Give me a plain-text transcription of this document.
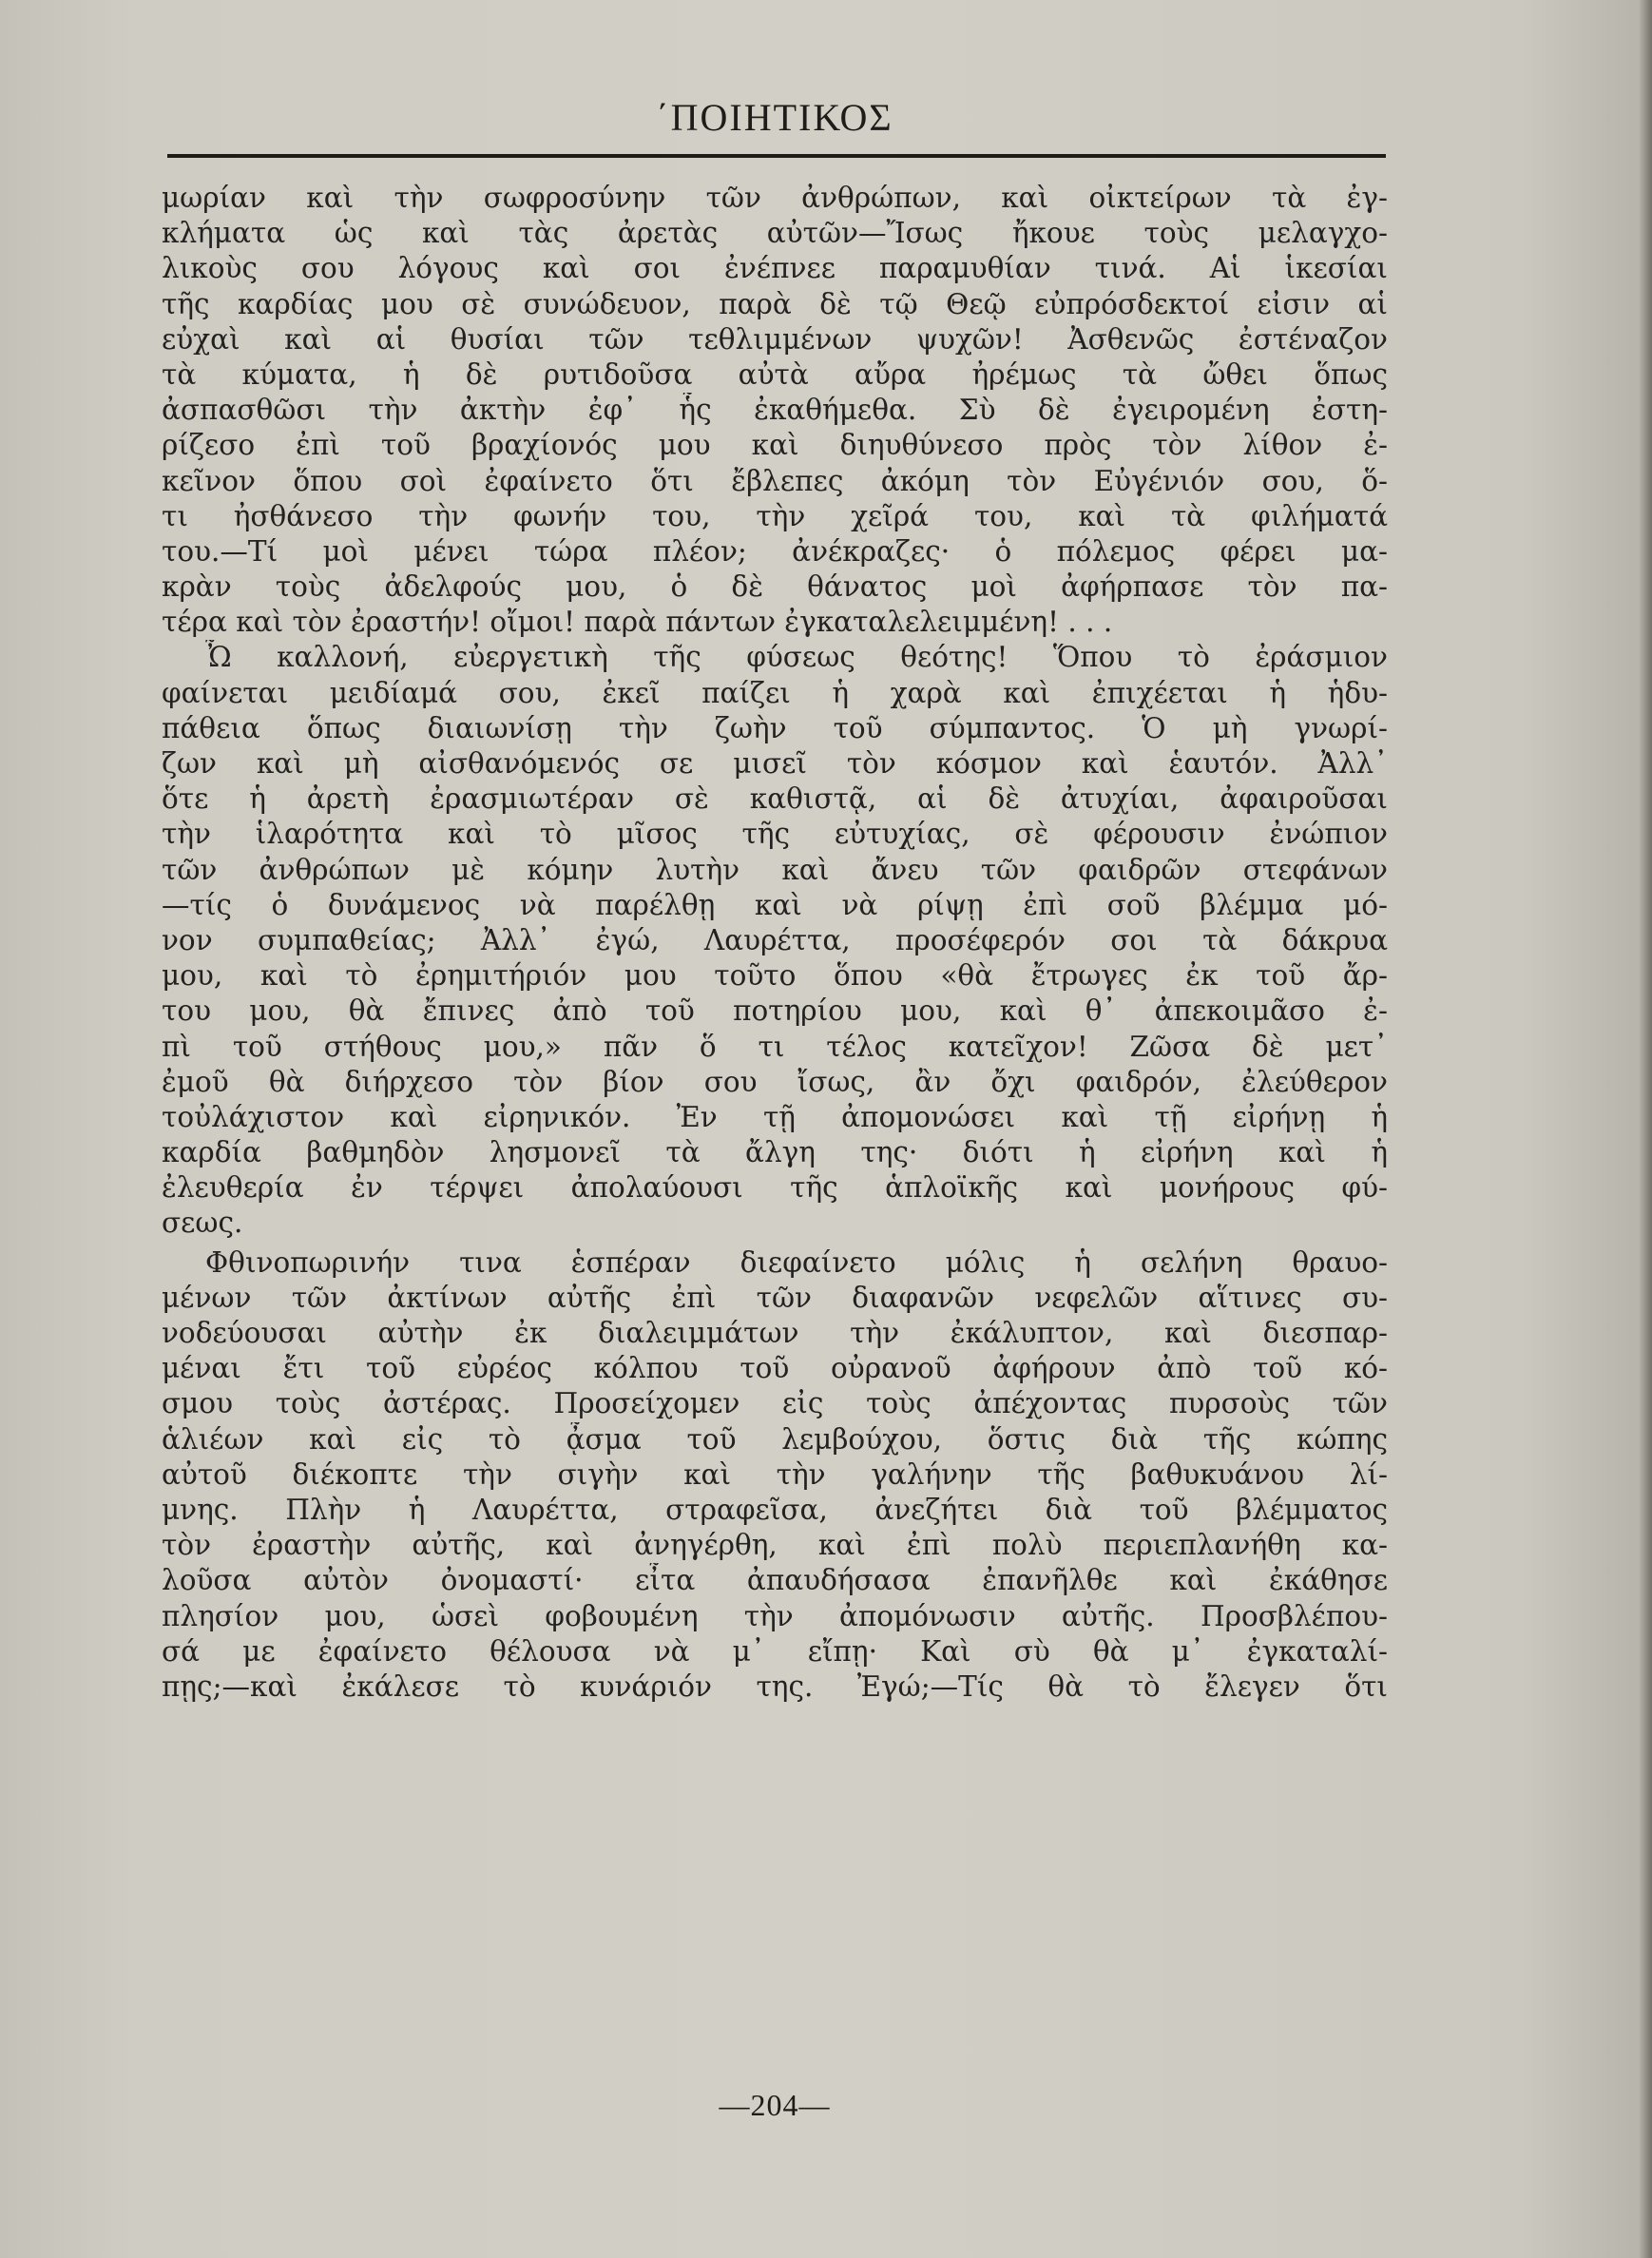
΄ΠΟΙΗΤΙΚΟΣ
μωρίαν καὶ τὴν σωφροσύνην τῶν ἀνθρώπων, καὶ οἰκτείρων τὰ ἐγ-
κλήματα ὡς καὶ τὰς ἀρετὰς αὐτῶν—Ἴσως ἤκουε τοὺς μελαγχο-
λικοὺς σου λόγους καὶ σοι ἐνέπνεε παραμυθίαν τινά. Αἱ ἱκεσίαι
τῆς καρδίας μου σὲ συνώδευον, παρὰ δὲ τῷ Θεῷ εὐπρόσδεκτοί εἰσιν αἱ
εὐχαὶ καὶ αἱ θυσίαι τῶν τεθλιμμένων ψυχῶν! Ἀσθενῶς ἐστέναζον
τὰ κύματα, ἡ δὲ ρυτιδοῦσα αὐτὰ αὔρα ἠρέμως τὰ ὤθει ὅπως
ἀσπασθῶσι τὴν ἀκτὴν ἐφ᾽ ἧς ἐκαθήμεθα. Σὺ δὲ ἐγειρομένη ἐστη-
ρίζεσο ἐπὶ τοῦ βραχίονός μου καὶ διηυθύνεσο πρὸς τὸν λίθον ἐ-
κεῖνον ὅπου σοὶ ἐφαίνετο ὅτι ἔβλεπες ἀκόμη τὸν Εὐγένιόν σου, ὅ-
τι ἠσθάνεσο τὴν φωνήν του, τὴν χεῖρά του, καὶ τὰ φιλήματά
του.—Τί μοὶ μένει τώρα πλέον; ἀνέκραζες· ὁ πόλεμος φέρει μα-
κρὰν τοὺς ἀδελφούς μου, ὁ δὲ θάνατος μοὶ ἀφήρπασε τὸν πα-
τέρα καὶ τὸν ἐραστήν! οἴμοι! παρὰ πάντων ἐγκαταλελειμμένη! . . .
Ὦ καλλονή, εὐεργετικὴ τῆς φύσεως θεότης! Ὅπου τὸ ἐράσμιον
φαίνεται μειδίαμά σου, ἐκεῖ παίζει ἡ χαρὰ καὶ ἐπιχέεται ἡ ἡδυ-
πάθεια ὅπως διαιωνίσῃ τὴν ζωὴν τοῦ σύμπαντος. Ὁ μὴ γνωρί-
ζων καὶ μὴ αἰσθανόμενός σε μισεῖ τὸν κόσμον καὶ ἑαυτόν. Ἀλλ᾽
ὅτε ἡ ἀρετὴ ἐρασμιωτέραν σὲ καθιστᾷ, αἱ δὲ ἀτυχίαι, ἀφαιροῦσαι
τὴν ἱλαρότητα καὶ τὸ μῖσος τῆς εὐτυχίας, σὲ φέρουσιν ἐνώπιον
τῶν ἀνθρώπων μὲ κόμην λυτὴν καὶ ἄνευ τῶν φαιδρῶν στεφάνων
—τίς ὁ δυνάμενος νὰ παρέλθῃ καὶ νὰ ρίψῃ ἐπὶ σοῦ βλέμμα μό-
νον συμπαθείας; Ἀλλ᾽ ἐγώ, Λαυρέττα, προσέφερόν σοι τὰ δάκρυα
μου, καὶ τὸ ἐρημιτήριόν μου τοῦτο ὅπου «θὰ ἔτρωγες ἐκ τοῦ ἄρ-
του μου, θὰ ἔπινες ἀπὸ τοῦ ποτηρίου μου, καὶ θ᾽ ἀπεκοιμᾶσο ἐ-
πὶ τοῦ στήθους μου,» πᾶν ὅ τι τέλος κατεῖχον! Ζῶσα δὲ μετ᾽
ἐμοῦ θὰ διήρχεσο τὸν βίον σου ἴσως, ἂν ὄχι φαιδρόν, ἐλεύθερον
τοὐλάχιστον καὶ εἰρηνικόν. Ἐν τῇ ἀπομονώσει καὶ τῇ εἰρήνῃ ἡ
καρδία βαθμηδὸν λησμονεῖ τὰ ἄλγη της· διότι ἡ εἰρήνη καὶ ἡ
ἐλευθερία ἐν τέρψει ἀπολαύουσι τῆς ἁπλοϊκῆς καὶ μονήρους φύ-
σεως.
Φθινοπωρινήν τινα ἑσπέραν διεφαίνετο μόλις ἡ σελήνη θραυο-
μένων τῶν ἀκτίνων αὐτῆς ἐπὶ τῶν διαφανῶν νεφελῶν αἵτινες συ-
νοδεύουσαι αὐτὴν ἐκ διαλειμμάτων τὴν ἐκάλυπτον, καὶ διεσπαρ-
μέναι ἔτι τοῦ εὐρέος κόλπου τοῦ οὐρανοῦ ἀφήρουν ἀπὸ τοῦ κό-
σμου τοὺς ἀστέρας. Προσείχομεν εἰς τοὺς ἀπέχοντας πυρσοὺς τῶν
ἁλιέων καὶ εἰς τὸ ᾆσμα τοῦ λεμβούχου, ὅστις διὰ τῆς κώπης
αὐτοῦ διέκοπτε τὴν σιγὴν καὶ τὴν γαλήνην τῆς βαθυκυάνου λί-
μνης. Πλὴν ἡ Λαυρέττα, στραφεῖσα, ἀνεζήτει διὰ τοῦ βλέμματος
τὸν ἐραστὴν αὐτῆς, καὶ ἀνηγέρθη, καὶ ἐπὶ πολὺ περιεπλανήθη κα-
λοῦσα αὐτὸν ὀνομαστί· εἶτα ἀπαυδήσασα ἐπανῆλθε καὶ ἐκάθησε
πλησίον μου, ὡσεὶ φοβουμένη τὴν ἀπομόνωσιν αὐτῆς. Προσβλέπου-
σά με ἐφαίνετο θέλουσα νὰ μ᾽ εἴπῃ· Καὶ σὺ θὰ μ᾽ ἐγκαταλί-
πῃς;—καὶ ἐκάλεσε τὸ κυνάριόν της. Ἐγώ;—Τίς θὰ τὸ ἔλεγεν ὅτι
—204—
